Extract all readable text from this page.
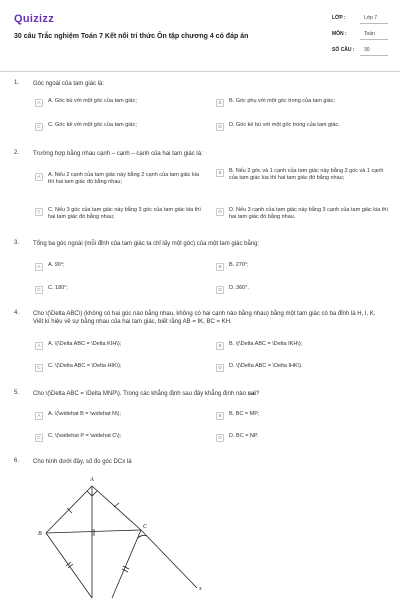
Quizizz
30 câu Trắc nghiệm Toán 7 Kết nối tri thức Ôn tập chương 4 có đáp án
LỚP :	Lớp 7
MÔN :	Toán
SỐ CÂU : 30
1. Góc ngoài của tam giác là:
A	A. Góc bù với một góc của tam giác;	B	B. Góc phụ với một góc trong của tam giác;
C	C. Góc kề với một góc của tam giác;	D	D. Góc kề bù với một góc trong của tam giác.
2. Trường hợp bằng nhau cạnh – cạnh – cạnh của hai tam giác là:
A	A. Nếu 2 cạnh của tam giác này bằng 2 cạnh của tam giác kia thì hai tam giác đó bằng nhau;
B	B. Nếu 2 góc và 1 cạnh của tam giác này bằng 2 góc và 1 cạnh của tam giác kia thì hai tam giác đó bằng nhau;
C	C. Nếu 3 góc của tam giác này bằng 3 góc của tam giác kia thì hai tam giác đó bằng nhau;
D	D. Nếu 3 cạnh của tam giác này bằng 3 cạnh của tam giác kia thì hai tam giác đó bằng nhau.
3. Tổng ba góc ngoài (mỗi đỉnh của tam giác ta chỉ lấy một góc) của một tam giác bằng:
A	A. 90°;	B	B. 270°;
C	C. 180°;	D	D. 360°.
4. Cho \(\Delta ABC\) (không có hai góc nào bằng nhau, không có hai cạnh nào bằng nhau) bằng một tam giác có ba đỉnh là H, I, K. Viết kí hiệu về sự bằng nhau của hai tam giác, biết rằng AB = IK, BC = KH.
A	A. \(\Delta ABC = \Delta KIH\);	B	B. \(\Delta ABC = \Delta IKH\);
C	C. \(\Delta ABC = \Delta HIK\);	D	D. \(\Delta ABC = \Delta IHK\).
5. Cho \(\Delta ABC = \Delta MNP\). Trong các khẳng định sau đây khẳng định nào sai?
A	A. \(\widehat B = \widehat N\);	B	B. BC = MP;
C	C. \(\widehat P = \widehat C\);	D	D. BC = NP.
6. Cho hình dưới đây, số đo góc DCx là
A
B
C
x
